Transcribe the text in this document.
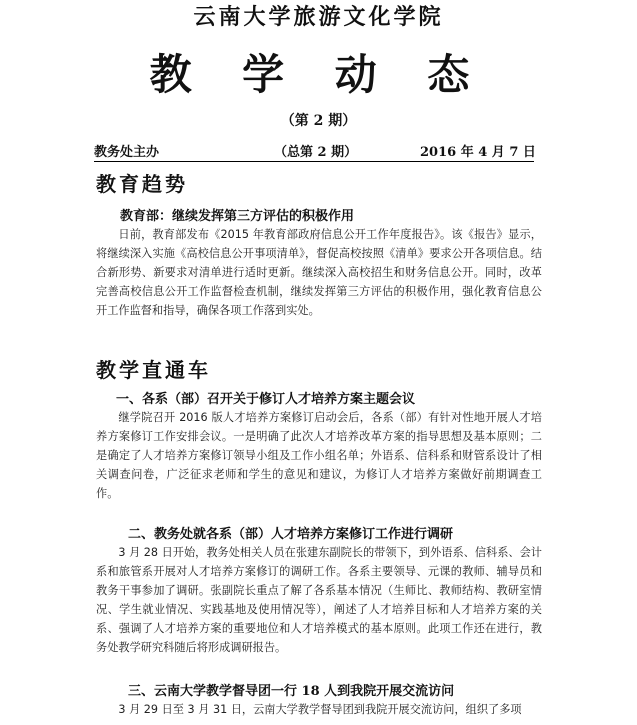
云南大学旅游文化学院
教 学 动 态
（第 2 期）
教务处主办	（总第 2 期）	2016 年 4 月 7 日
教育趋势
教育部：继续发挥第三方评估的积极作用

日前，教育部发布《2015 年教育部政府信息公开工作年度报告》。该《报告》显示，将继续深入实施《高校信息公开事项清单》，督促高校按照《清单》要求公开各项信息。结合新形势、新要求对清单进行适时更新。继续深入高校招生和财务信息公开。同时，改革完善高校信息公开工作监督检查机制，继续发挥第三方评估的积极作用，强化教育信息公开工作监督和指导，确保各项工作落到实处。

教学直通车
一、各系（部）召开关于修订人才培养方案主题会议

继学院召开 2016 版人才培养方案修订启动会后，各系（部）有针对性地开展人才培养方案修订工作安排会议。一是明确了此次人才培养改革方案的指导思想及基本原则；二是确定了人才培养方案修订领导小组及工作小组名单；外语系、信科系和财管系设计了相关调查问卷，广泛征求老师和学生的意见和建议，为修订人才培养方案做好前期调查工作。

二、教务处就各系（部）人才培养方案修订工作进行调研

3 月 28 日开始，教务处相关人员在张建东副院长的带领下，到外语系、信科系、会计系和旅管系开展对人才培养方案修订的调研工作。各系主要领导、元课的教师、辅导员和教务干事参加了调研。张副院长重点了解了各系基本情况（生师比、教师结构、教研室情况、学生就业情况、实践基地及使用情况等），阐述了人才培养目标和人才培养方案的关系、强调了人才培养方案的重要地位和人才培养模式的基本原则。此项工作还在进行，教务处教学研究科随后将形成调研报告。

三、云南大学教学督导团一行 18 人到我院开展交流访问

3 月 29 日至 3 月 31 日，云南大学教学督导团到我院开展交流访问，组织了多项
